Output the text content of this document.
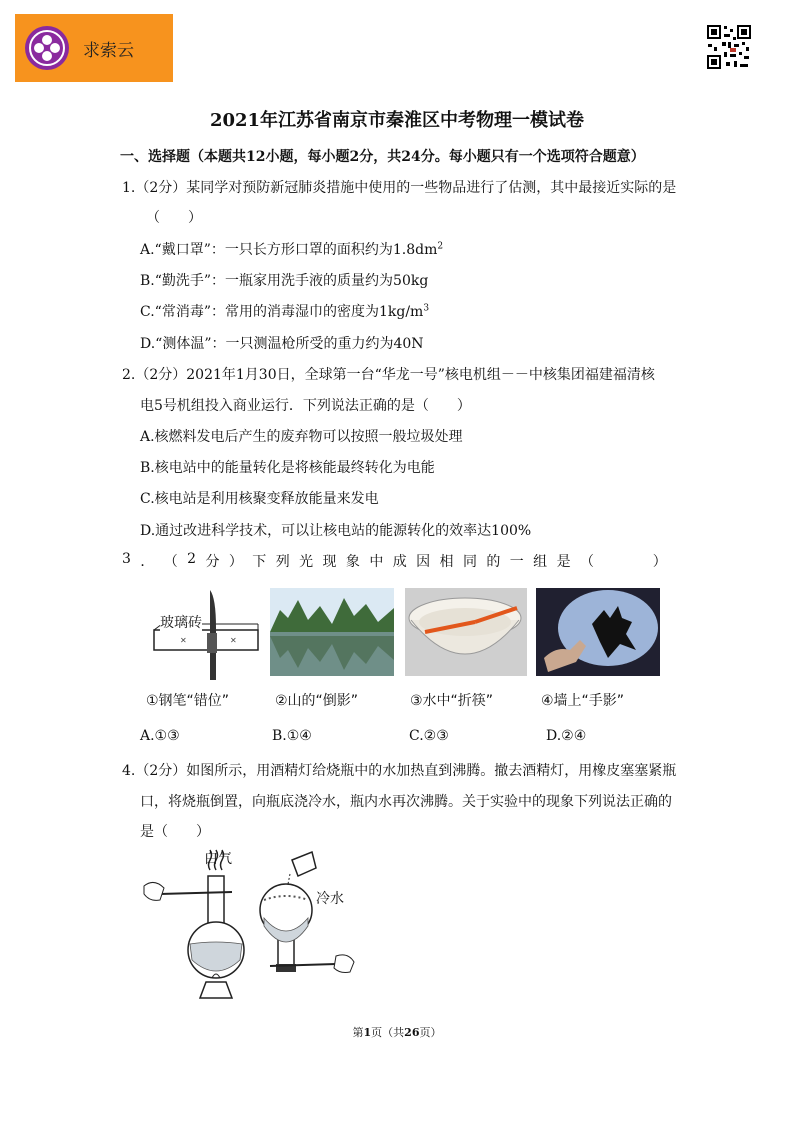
求索云
2021年江苏省南京市秦淮区中考物理一模试卷
一、选择题（本题共12小题，每小题2分，共24分。每小题只有一个选项符合题意）
1.（2分）某同学对预防新冠肺炎措施中使用的一些物品进行了估测，其中最接近实际的是
（　　）
A.“戴口罩”：一只长方形口罩的面积约为$1.8dm^2$
B.“勤洗手”：一瓶家用洗手液的质量约为50kg
C.“常消毒”：常用的消毒湿巾的密度为$1kg/m^3$
D.“测体温”：一只测温枪所受的重力约为40N
2.（2分）2021年1月30日，全球第一台“华龙一号”核电机组－－中核集团福建福清核
电5号机组投入商业运行．下列说法正确的是（　　）
A.核燃料发电后产生的废弃物可以按照一般垃圾处理
B.核电站中的能量转化是将核能最终转化为电能
C.核电站是利用核聚变释放能量来发电
D.通过改进科学技术，可以让核电站的能源转化的效率达100%
3 ． （ 2 分 ） 下 列 光 现 象 中 成 因 相 同 的 一 组 是 （	）
✕	✕
玻璃砖
①钢笔“错位”	②山的“倒影”	③水中“折筷”	④墙上“手影”
A.①③	B.①④	C.②③	D.②④
4.（2分）如图所示，用酒精灯给烧瓶中的水加热直到沸腾。撤去酒精灯，用橡皮塞塞紧瓶
口，将烧瓶倒置，向瓶底浇冷水，瓶内水再次沸腾。关于实验中的现象下列说法正确的
是（　　）
白气
冷水
第1页（共26页）
